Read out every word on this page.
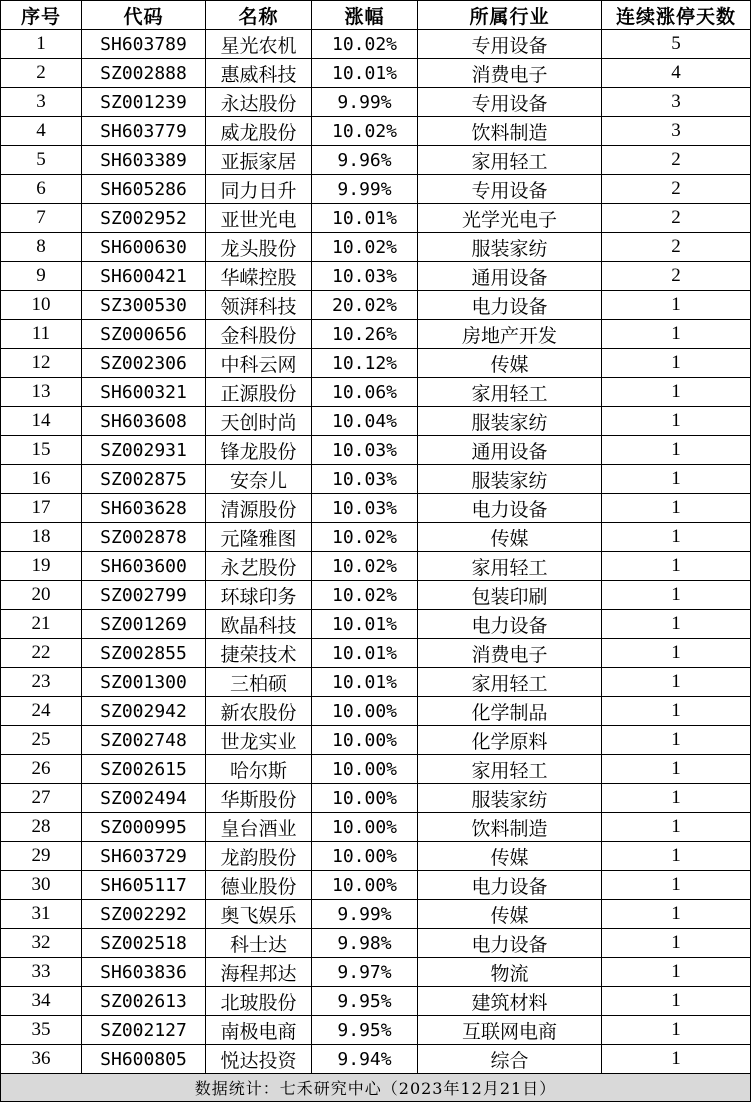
序号	代码	名称	涨幅	所属行业	连续涨停天数
1	SH603789	星光农机	10.02%	专用设备	5
2	SZ002888	惠威科技	10.01%	消费电子	4
3	SZ001239	永达股份	9.99%	专用设备	3
4	SH603779	威龙股份	10.02%	饮料制造	3
5	SH603389	亚振家居	9.96%	家用轻工	2
6	SH605286	同力日升	9.99%	专用设备	2
7	SZ002952	亚世光电	10.01%	光学光电子	2
8	SH600630	龙头股份	10.02%	服装家纺	2
9	SH600421	华嵘控股	10.03%	通用设备	2
10	SZ300530	领湃科技	20.02%	电力设备	1
11	SZ000656	金科股份	10.26%	房地产开发	1
12	SZ002306	中科云网	10.12%	传媒	1
13	SH600321	正源股份	10.06%	家用轻工	1
14	SH603608	天创时尚	10.04%	服装家纺	1
15	SZ002931	锋龙股份	10.03%	通用设备	1
16	SZ002875	安奈儿	10.03%	服装家纺	1
17	SH603628	清源股份	10.03%	电力设备	1
18	SZ002878	元隆雅图	10.02%	传媒	1
19	SH603600	永艺股份	10.02%	家用轻工	1
20	SZ002799	环球印务	10.02%	包装印刷	1
21	SZ001269	欧晶科技	10.01%	电力设备	1
22	SZ002855	捷荣技术	10.01%	消费电子	1
23	SZ001300	三柏硕	10.01%	家用轻工	1
24	SZ002942	新农股份	10.00%	化学制品	1
25	SZ002748	世龙实业	10.00%	化学原料	1
26	SZ002615	哈尔斯	10.00%	家用轻工	1
27	SZ002494	华斯股份	10.00%	服装家纺	1
28	SZ000995	皇台酒业	10.00%	饮料制造	1
29	SH603729	龙韵股份	10.00%	传媒	1
30	SH605117	德业股份	10.00%	电力设备	1
31	SZ002292	奥飞娱乐	9.99%	传媒	1
32	SZ002518	科士达	9.98%	电力设备	1
33	SH603836	海程邦达	9.97%	物流	1
34	SZ002613	北玻股份	9.95%	建筑材料	1
35	SZ002127	南极电商	9.95%	互联网电商	1
36	SH600805	悦达投资	9.94%	综合	1
数据统计：七禾研究中心（2023年12月21日）					
